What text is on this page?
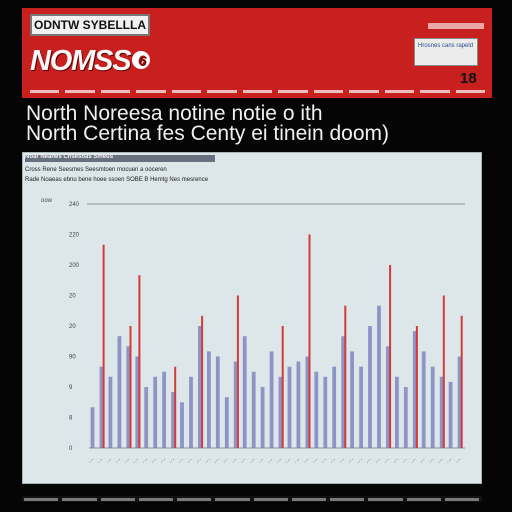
ODNTW SYBELLLA
NOMSS 6
Hrosnes cans rapeld
18
North Noreesa notine notie o ith
North Certina fes Centy ei tinein doom)
Noar Neanes Chsesoas Smeus
Cross Rene Seesmes Seesmtoen mocuen a ooceren
Rade Noaeas ebnu bene hoee ssoen SOBE B Hemtg Nes mesrence
oow
0
8
9
90
20
20
200
220
240
··· ··· ··· ··· ··· ··· ··· ··· ··· ··· ··· ··· ··· ··· ··· ··· ··· ··· ··· ··· ··· ··· ··· ··· ··· ··· ··· ··· ··· ··· ··· ··· ··· ··· ··· ··· ··· ··· ··· ··· ··· ···
